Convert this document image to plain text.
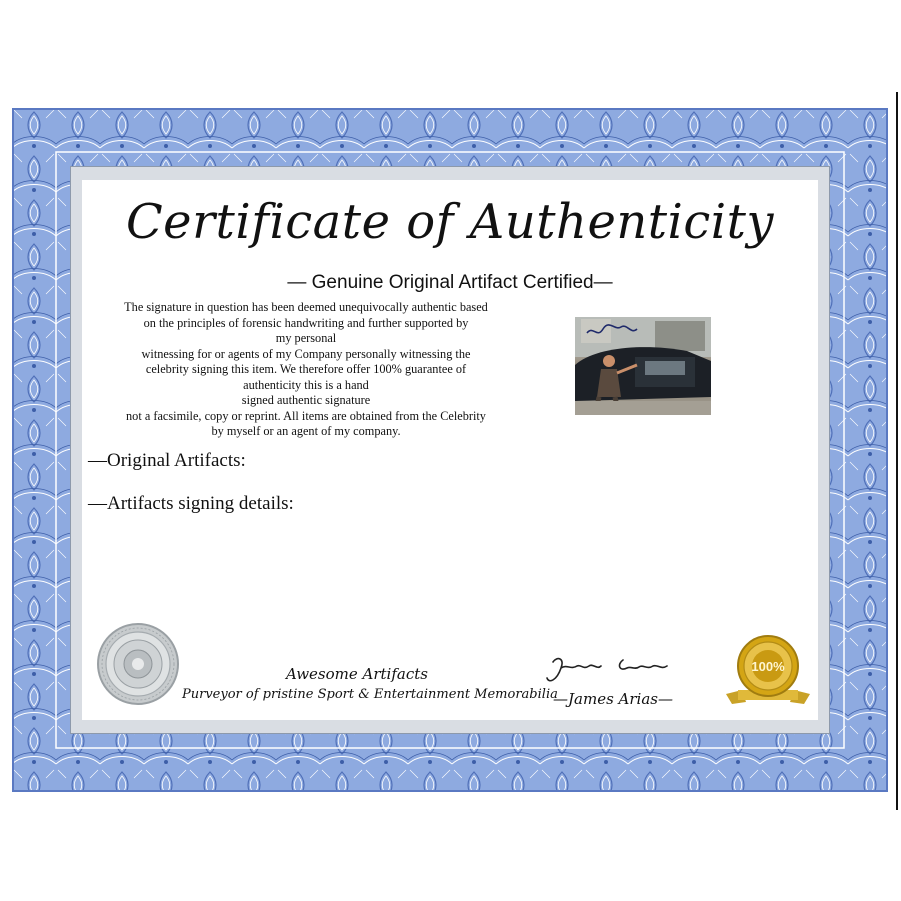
Certificate of Authenticity
— Genuine Original Artifact Certified—
The signature in question has been deemed unequivocally authentic based
on the principles of forensic handwriting and further supported by
my personal
witnessing for or agents of my Company personally witnessing the
celebrity signing this item. We therefore offer 100% guarantee of
authenticity this is a hand
signed authentic signature
not a facsimile, copy or reprint. All items are obtained from the Celebrity
by myself or an agent of my company.
—Original Artifacts:
—Artifacts signing details:
Awesome Artifacts
Purveyor of pristine Sport & Entertainment Memorabilia
—James Arias—
100%
